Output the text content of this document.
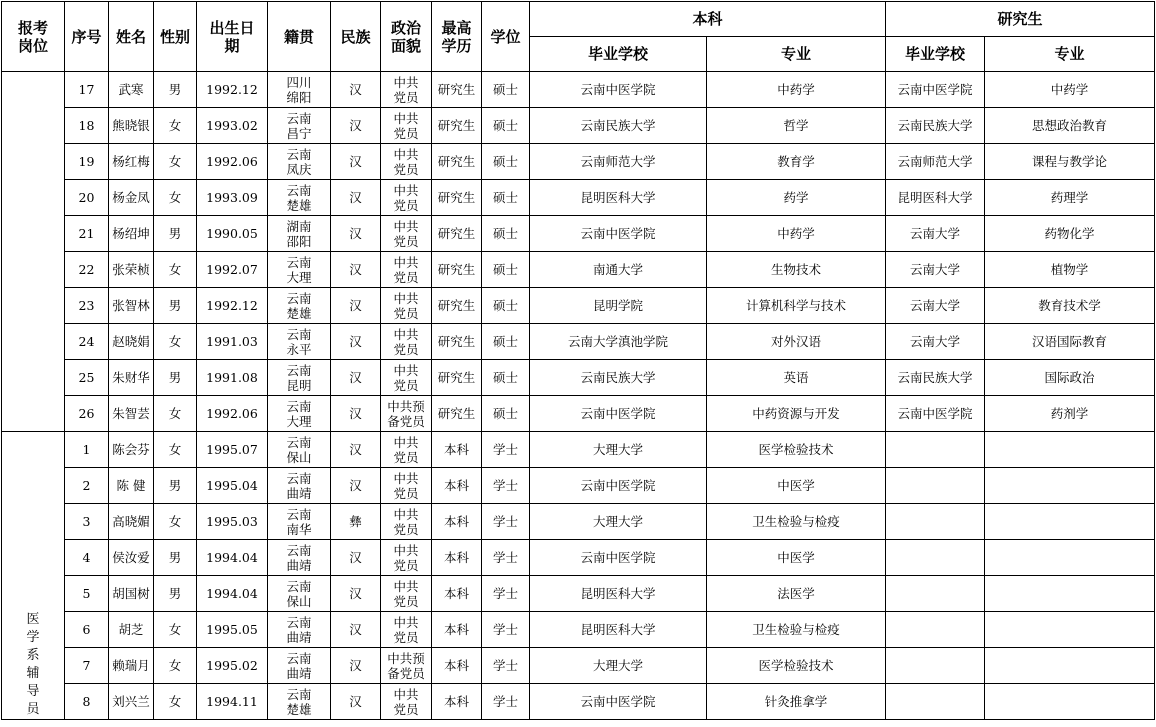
报考岗位	序号	姓名	性别	出生日期	籍贯	民族	政治面貌	最高学历	学位	本科		研究生	
										毕业学校	专业	毕业学校	专业

	17	武寒	男	1992.12	四川绵阳	汉	中共党员	研究生	硕士	云南中医学院	中药学	云南中医学院	中药学
	18	熊晓银	女	1993.02	云南昌宁	汉	中共党员	研究生	硕士	云南民族大学	哲学	云南民族大学	思想政治教育
	19	杨红梅	女	1992.06	云南凤庆	汉	中共党员	研究生	硕士	云南师范大学	教育学	云南师范大学	课程与教学论
	20	杨金凤	女	1993.09	云南楚雄	汉	中共党员	研究生	硕士	昆明医科大学	药学	昆明医科大学	药理学
	21	杨绍坤	男	1990.05	湖南邵阳	汉	中共党员	研究生	硕士	云南中医学院	中药学	云南大学	药物化学
	22	张荣桢	女	1992.07	云南大理	汉	中共党员	研究生	硕士	南通大学	生物技术	云南大学	植物学
	23	张智林	男	1992.12	云南楚雄	汉	中共党员	研究生	硕士	昆明学院	计算机科学与技术	云南大学	教育技术学
	24	赵晓娟	女	1991.03	云南永平	汉	中共党员	研究生	硕士	云南大学滇池学院	对外汉语	云南大学	汉语国际教育
	25	朱财华	男	1991.08	云南昆明	汉	中共党员	研究生	硕士	云南民族大学	英语	云南民族大学	国际政治
	26	朱智芸	女	1992.06	云南大理	汉	中共预备党员	研究生	硕士	云南中医学院	中药资源与开发	云南中医学院	药剂学

医学系辅导员	1	陈会芬	女	1995.07	云南保山	汉	中共党员	本科	学士	大理大学	医学检验技术		
	2	陈 健	男	1995.04	云南曲靖	汉	中共党员	本科	学士	云南中医学院	中医学		
	3	高晓媚	女	1995.03	云南南华	彝	中共党员	本科	学士	大理大学	卫生检验与检疫		
	4	侯汝爱	男	1994.04	云南曲靖	汉	中共党员	本科	学士	云南中医学院	中医学		
	5	胡国树	男	1994.04	云南保山	汉	中共党员	本科	学士	昆明医科大学	法医学		
	6	胡芝	女	1995.05	云南曲靖	汉	中共党员	本科	学士	昆明医科大学	卫生检验与检疫		
	7	赖瑞月	女	1995.02	云南曲靖	汉	中共预备党员	本科	学士	大理大学	医学检验技术		
	8	刘兴兰	女	1994.11	云南楚雄	汉	中共党员	本科	学士	云南中医学院	针灸推拿学		
